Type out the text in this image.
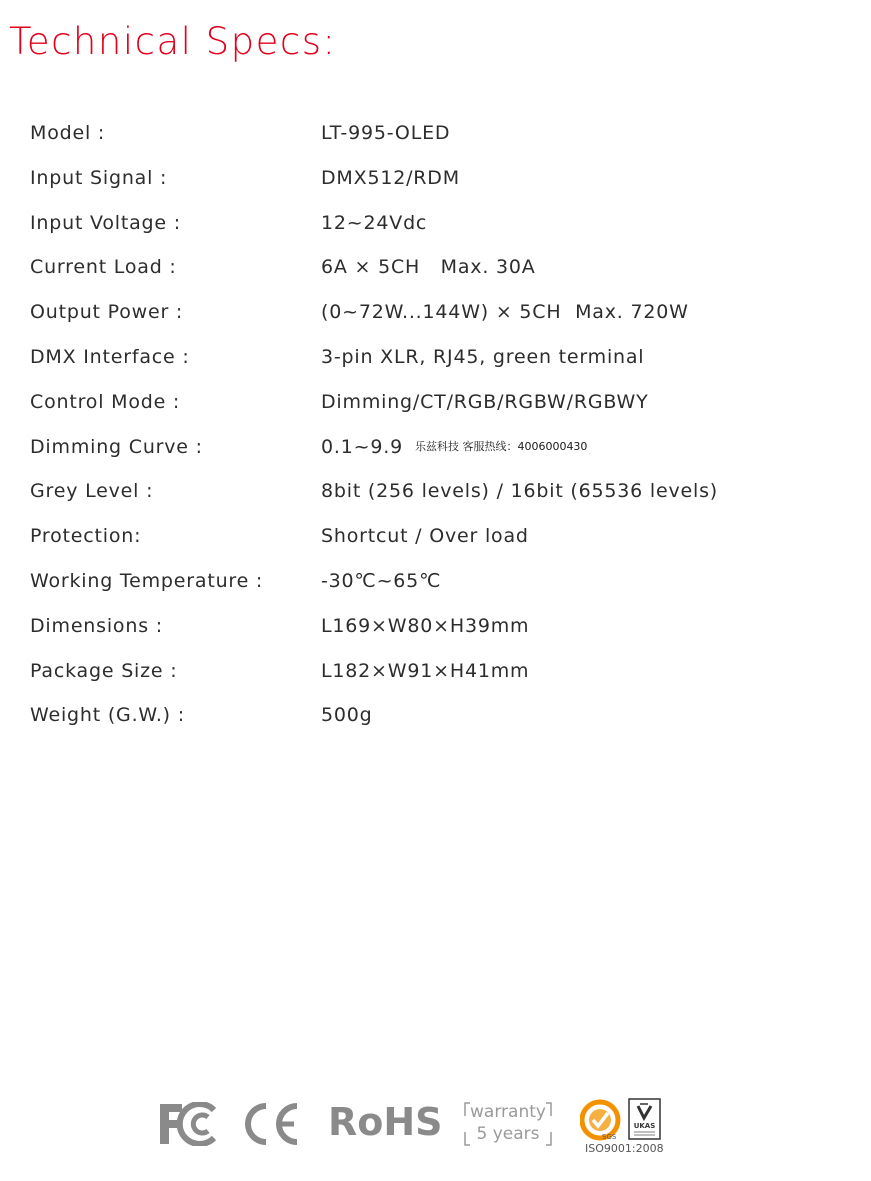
Technical Specs:
Model :	LT-995-OLED
Input Signal :	DMX512/RDM
Input Voltage :	12~24Vdc
Current Load :	6A × 5CH   Max. 30A
Output Power :	(0~72W...144W) × 5CH  Max. 720W
DMX Interface :	3-pin XLR, RJ45, green terminal
Control Mode :	Dimming/CT/RGB/RGBW/RGBWY
Dimming Curve :	0.1~9.9 乐兹科技 客服热线：4006000430
Grey Level :	8bit (256 levels) / 16bit (65536 levels)
Protection:	Shortcut / Over load
Working Temperature :	-30℃~65℃
Dimensions :	L169×W80×H39mm
Package Size :	L182×W91×H41mm
Weight (G.W.) :	500g
RoHS	warranty
5 years	SGS
UKAS
ISO9001:2008
